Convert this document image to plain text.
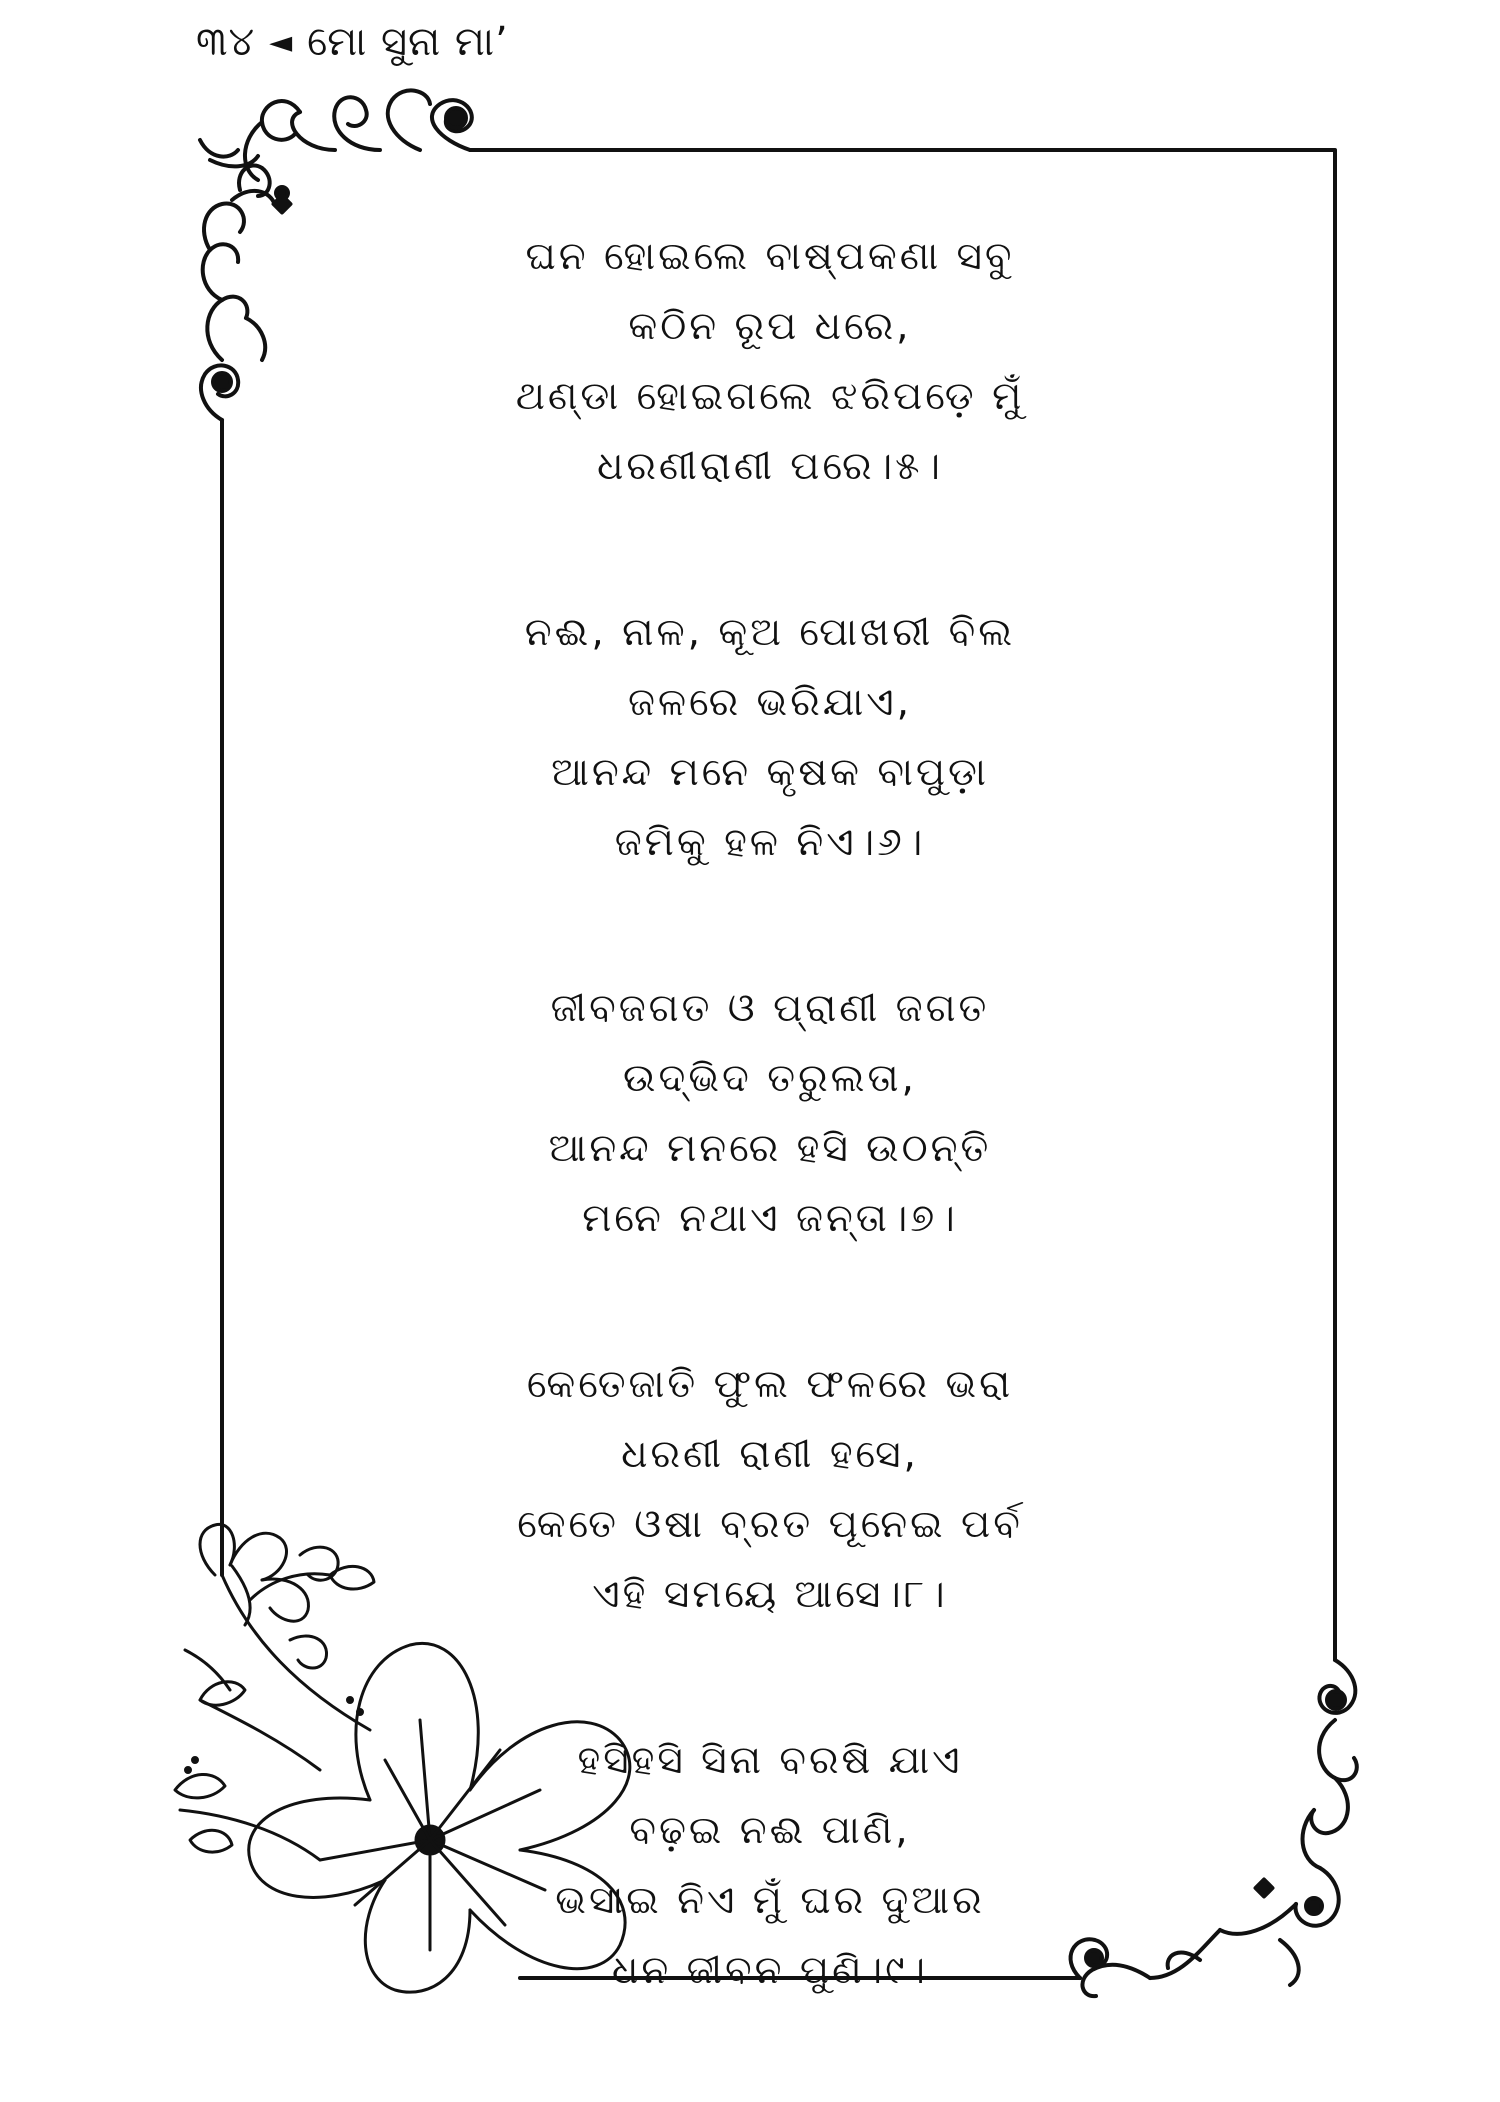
୩୪ ◄ ମୋ ସୁନା ମା’
ଘନ ହୋଇଲେ ବାଷ୍ପକଣା ସବୁ
କଠିନ ରୂପ ଧରେ,
ଥଣ୍ଡା ହୋଇଗଲେ ଝରିପଡ଼େ ମୁଁ
ଧରଣୀରାଣୀ ପରେ।୫।
ନଈ, ନାଳ, କୂଅ ପୋଖରୀ ବିଲ
ଜଳରେ ଭରିଯାଏ,
ଆନନ୍ଦ ମନେ କୃଷକ ବାପୁଡ଼ା
ଜମିକୁ ହଳ ନିଏ।୬।
ଜୀବଜଗତ ଓ ପ୍ରାଣୀ ଜଗତ
ଉଦ୍ଭିଦ ତରୁଲତା,
ଆନନ୍ଦ ମନରେ ହସି ଉଠନ୍ତି
ମନେ ନଥାଏ ଜନ୍ତା।୭।
କେତେଜାତି ଫୁଲ ଫଳରେ ଭରା
ଧରଣୀ ରାଣୀ ହସେ,
କେତେ ଓଷା ବ୍ରତ ପୂନେଇ ପର୍ବ
ଏହି ସମୟେ ଆସେ।୮।
ହସିହସି ସିନା ବରଷି ଯାଏ
ବଢ଼ଇ ନଈ ପାଣି,
ଭସାଇ ନିଏ ମୁଁ ଘର ଦୁଆର
ଧନ ଜୀବନ ପୁଣି।୯।
